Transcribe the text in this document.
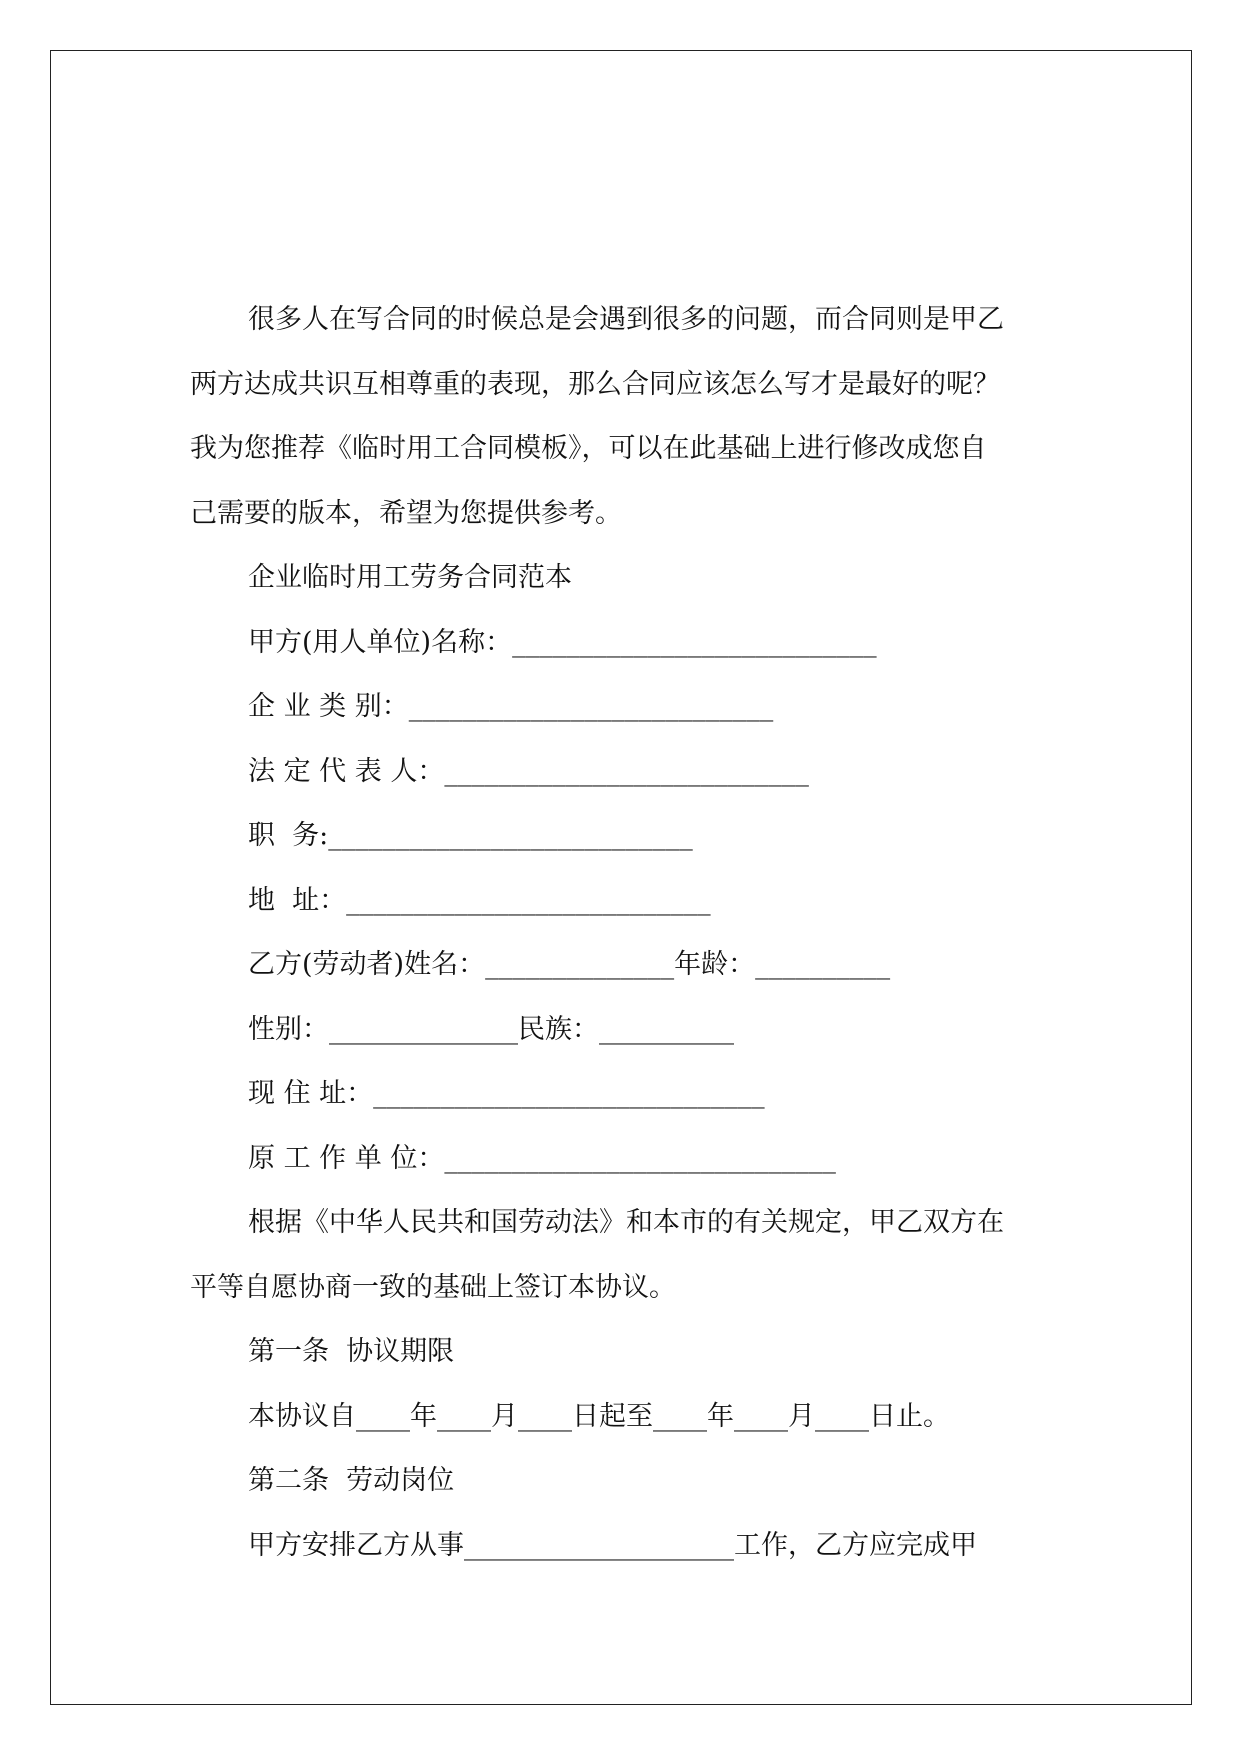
很多人在写合同的时候总是会遇到很多的问题，而合同则是甲乙

两方达成共识互相尊重的表现，那么合同应该怎么写才是最好的呢？

我为您推荐《临时用工合同模板》，可以在此基础上进行修改成您自

己需要的版本，希望为您提供参考。

企业临时用工劳务合同范本

甲方(用人单位)名称：___________________________

企 业 类 别：___________________________

法 定 代 表 人：___________________________

职  务:___________________________

地  址：___________________________

乙方(劳动者)姓名：______________年龄：__________

性别：______________民族：__________

现 住 址：_____________________________

原 工 作 单 位：_____________________________

根据《中华人民共和国劳动法》和本市的有关规定，甲乙双方在

平等自愿协商一致的基础上签订本协议。

第一条  协议期限

本协议自____年____月____日起至____年____月____日止。

第二条  劳动岗位

甲方安排乙方从事____________________工作，乙方应完成甲
